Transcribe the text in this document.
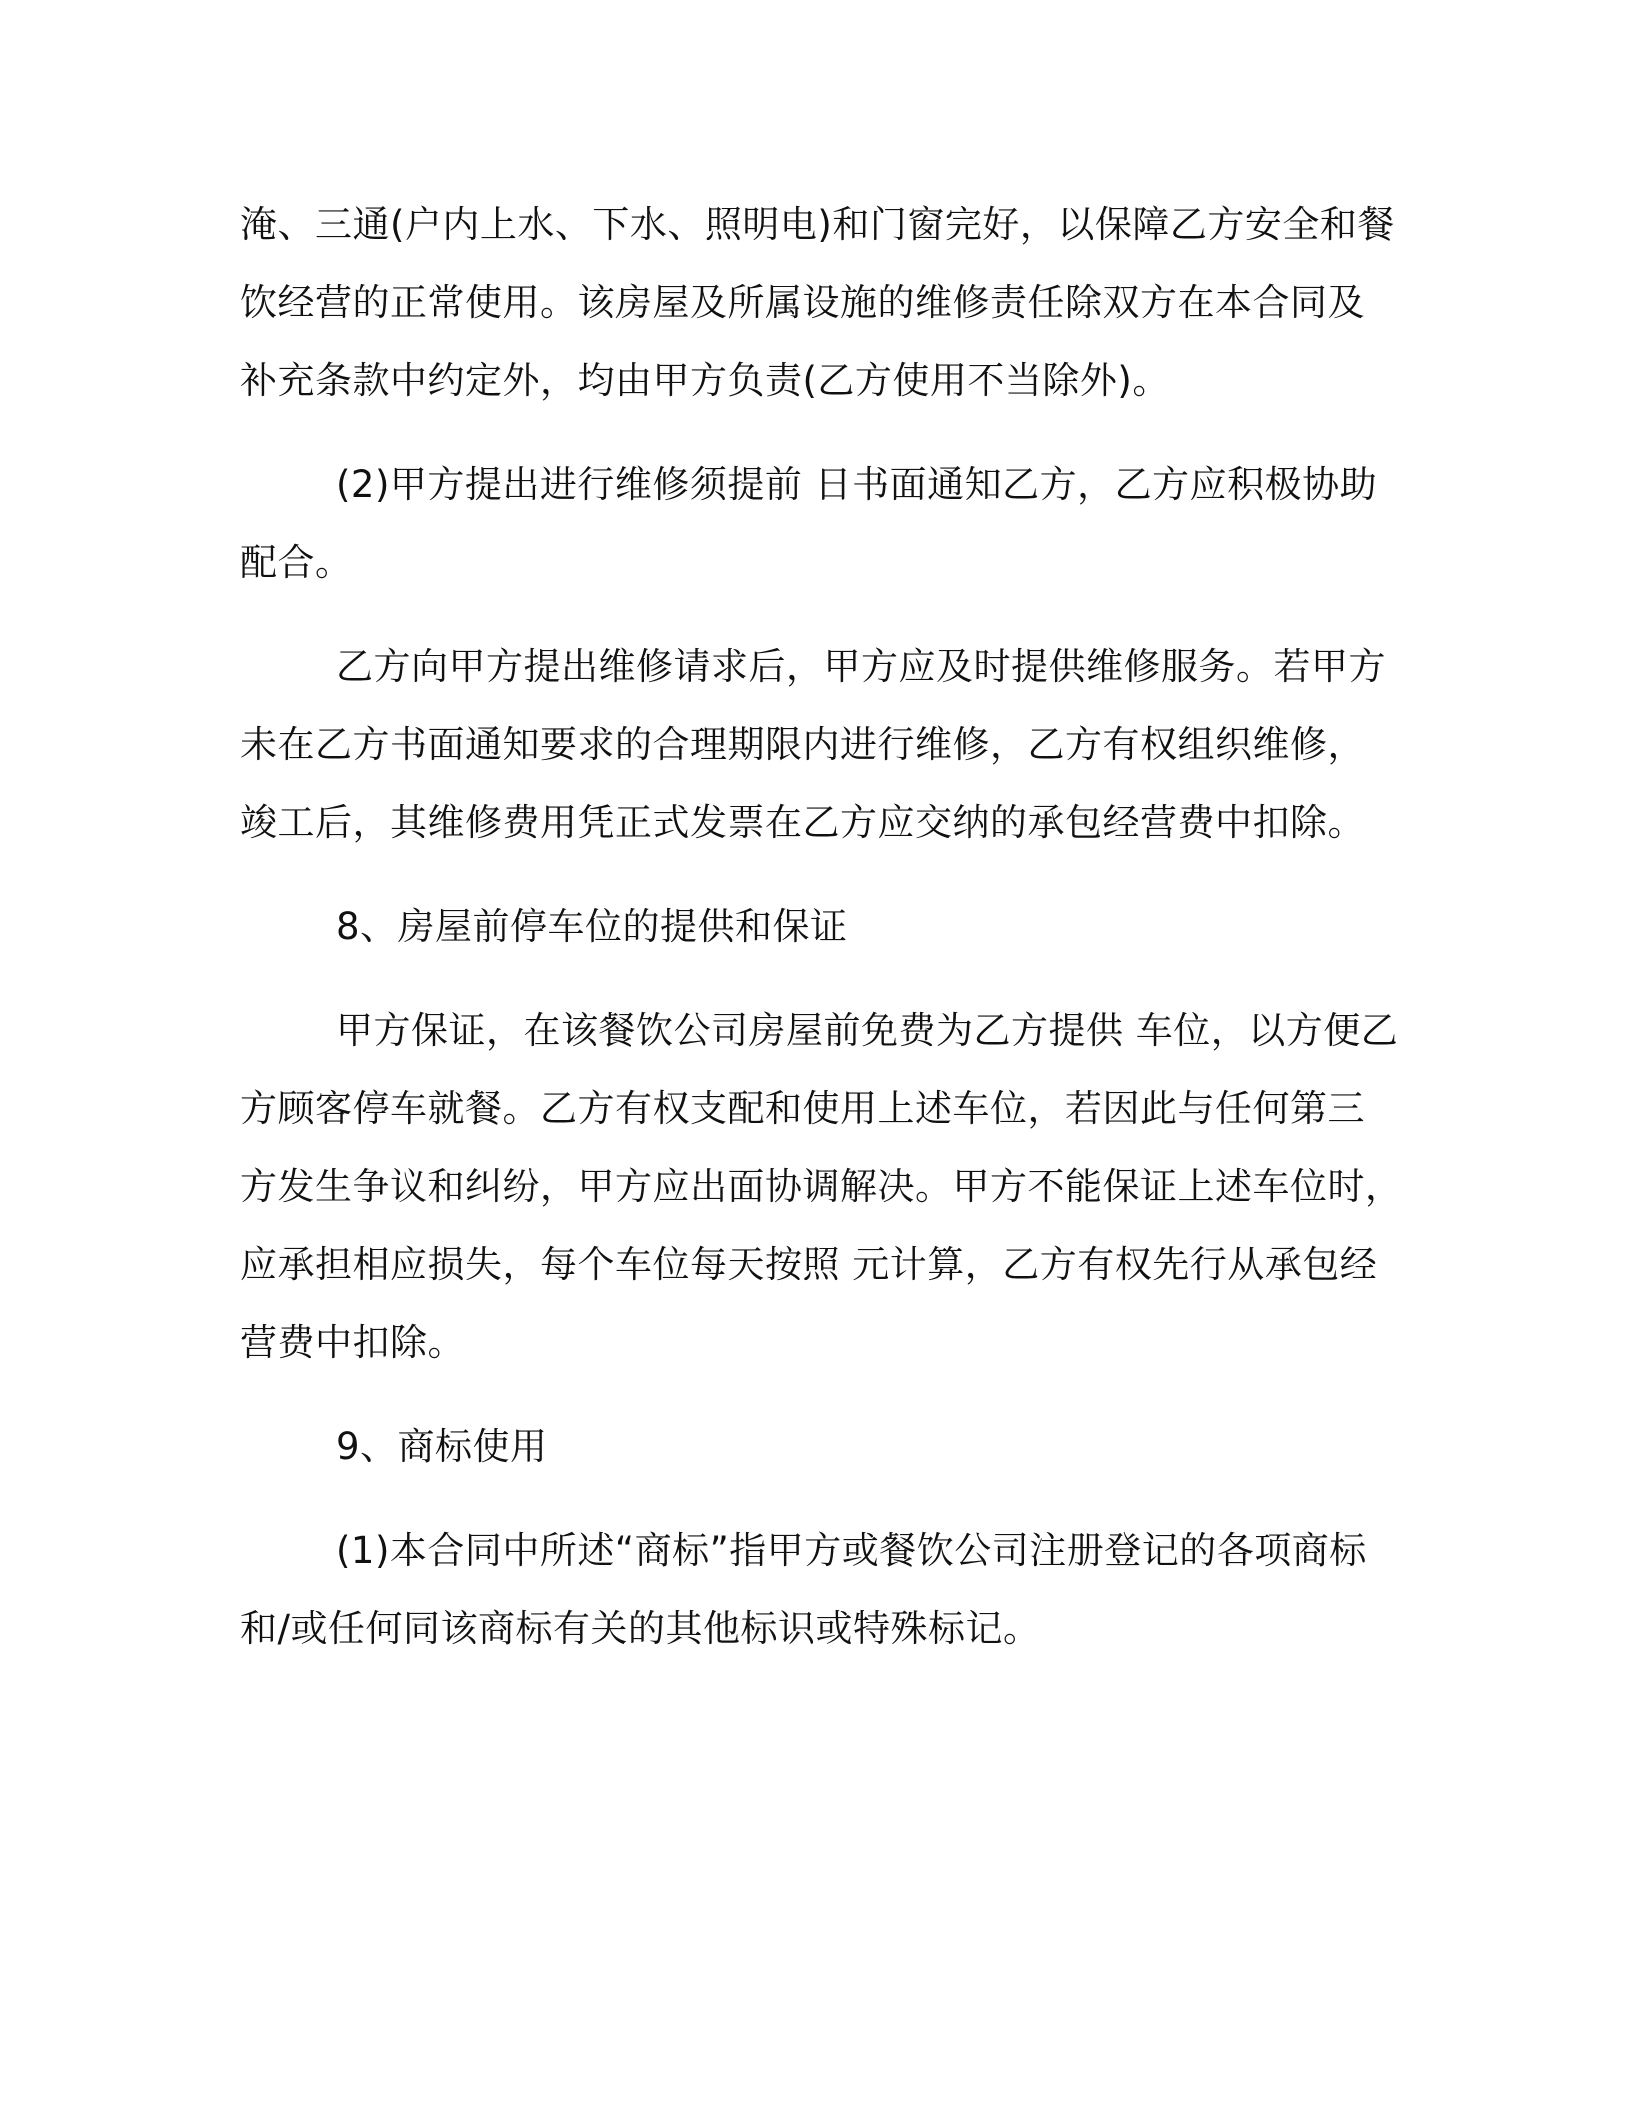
淹、三通(户内上水、下水、照明电)和门窗完好，以保障乙方安全和餐
饮经营的正常使用。该房屋及所属设施的维修责任除双方在本合同及
补充条款中约定外，均由甲方负责(乙方使用不当除外)。
(2)甲方提出进行维修须提前 日书面通知乙方，乙方应积极协助
配合。
乙方向甲方提出维修请求后，甲方应及时提供维修服务。若甲方
未在乙方书面通知要求的合理期限内进行维修，乙方有权组织维修，
竣工后，其维修费用凭正式发票在乙方应交纳的承包经营费中扣除。
8、房屋前停车位的提供和保证
甲方保证，在该餐饮公司房屋前免费为乙方提供 车位，以方便乙
方顾客停车就餐。乙方有权支配和使用上述车位，若因此与任何第三
方发生争议和纠纷，甲方应出面协调解决。甲方不能保证上述车位时，
应承担相应损失，每个车位每天按照 元计算，乙方有权先行从承包经
营费中扣除。
9、商标使用
(1)本合同中所述“商标”指甲方或餐饮公司注册登记的各项商标
和/或任何同该商标有关的其他标识或特殊标记。
